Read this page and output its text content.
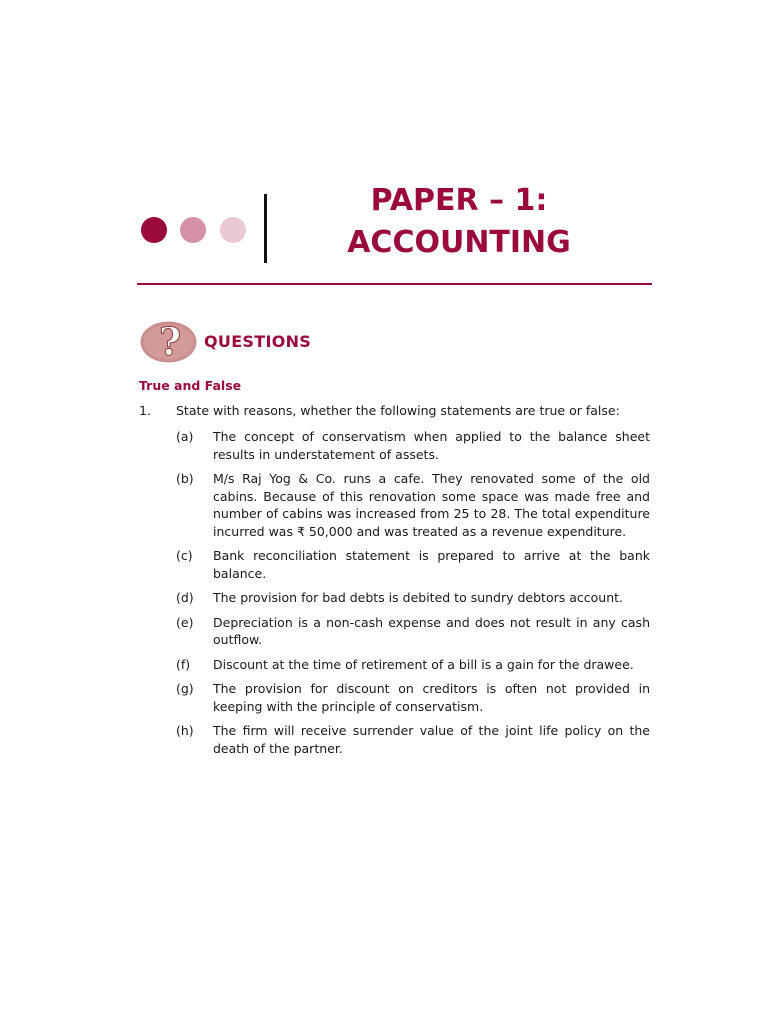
PAPER – 1:
ACCOUNTING
? QUESTIONS
True and False
1. State with reasons, whether the following statements are true or false:
(a)	The concept of conservatism when applied to the balance sheet results in understatement of assets.
(b)	M/s Raj Yog & Co. runs a cafe. They renovated some of the old cabins. Because of this renovation some space was made free and number of cabins was increased from 25 to 28. The total expenditure incurred was ₹ 50,000 and was treated as a revenue expenditure.
(c)	Bank reconciliation statement is prepared to arrive at the bank balance.
(d)	The provision for bad debts is debited to sundry debtors account.
(e)	Depreciation is a non-cash expense and does not result in any cash outflow.
(f)	Discount at the time of retirement of a bill is a gain for the drawee.
(g)	The provision for discount on creditors is often not provided in keeping with the principle of conservatism.
(h)	The firm will receive surrender value of the joint life policy on the death of the partner.
